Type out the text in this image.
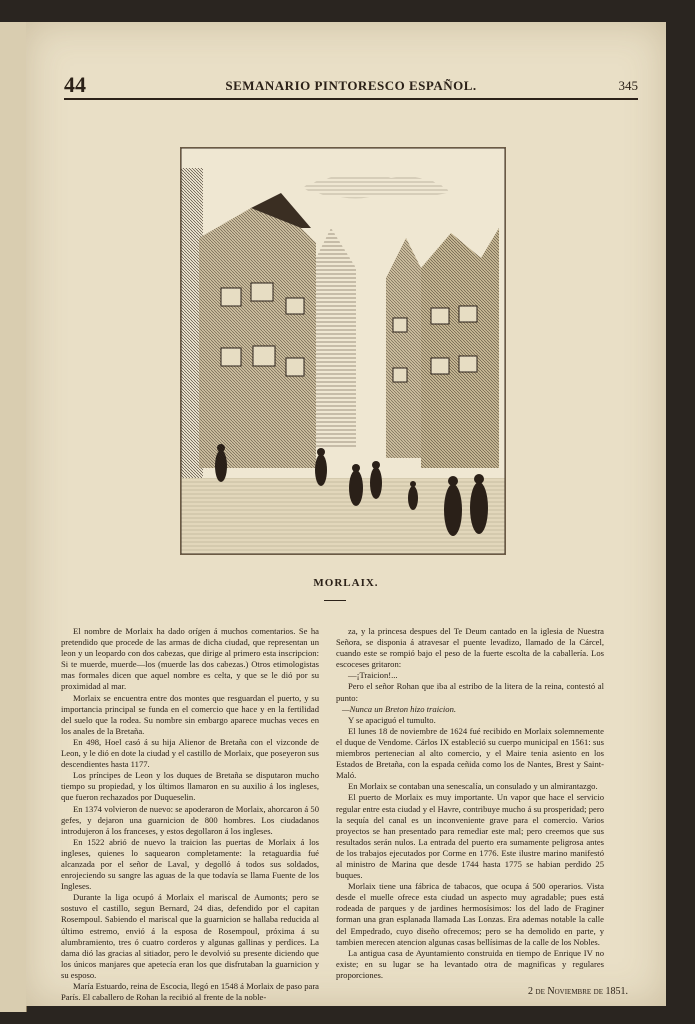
44	SEMANARIO PINTORESCO ESPAÑOL.	345
MORLAIX.

El nombre de Morlaix ha dado orígen á muchos comentarios. Se ha pretendido que procede de las armas de dicha ciudad, que representan un leon y un leopardo con dos cabezas, que dirige al primero esta inscripcion: Si te muerde, muerde—los (muerde las dos cabezas.) Otros etimologistas mas formales dicen que aquel nombre es celta, y que se le dió por su proximidad al mar.

Morlaix se encuentra entre dos montes que resguardan el puerto, y su importancia principal se funda en el comercio que hace y en la fertilidad del suelo que la rodea. Su nombre sin embargo aparece muchas veces en los anales de la Bretaña.

En 498, Hoel casó á su hija Alienor de Bretaña con el vizconde de Leon, y le dió en dote la ciudad y el castillo de Morlaix, que poseyeron sus descendientes hasta 1177.

Los príncipes de Leon y los duques de Bretaña se disputaron mucho tiempo su propiedad, y los últimos llamaron en su auxilio á los ingleses, que fueron rechazados por Duqueselin.

En 1374 volvieron de nuevo: se apoderaron de Morlaix, ahorcaron á 50 gefes, y dejaron una guarnicion de 800 hombres. Los ciudadanos introdujeron á los franceses, y estos degollaron á los ingleses.

En 1522 abrió de nuevo la traicion las puertas de Morlaix á los ingleses, quienes lo saquearon completamente: la retaguardia fué alcanzada por el señor de Laval, y degolló á todos sus soldados, enrojeciendo su sangre las aguas de la que todavía se llama Fuente de los Ingleses.

Durante la liga ocupó á Morlaix el mariscal de Aumonts; pero se sostuvo el castillo, segun Bernard, 24 dias, defendido por el capitan Rosempoul. Sabiendo el mariscal que la guarnicion se hallaba reducida al último estremo, envió á la esposa de Rosempoul, próxima á su alumbramiento, tres ó cuatro corderos y algunas gallinas y perdices. La dama dió las gracias al sitiador, pero le devolvió su presente diciendo que los únicos manjares que apetecía eran los que disfrutaban la guarnicion y su esposo.

María Estuardo, reina de Escocia, llegó en 1548 á Morlaix de paso para París. El caballero de Rohan la recibió al frente de la noble-

za, y la princesa despues del Te Deum cantado en la iglesia de Nuestra Señora, se disponia á atravesar el puente levadizo, llamado de la Cárcel, cuando este se rompió bajo el peso de la fuerte escolta de la caballería. Los escoceses gritaron:

—¡Traicion!...

Pero el señor Rohan que iba al estribo de la litera de la reina, contestó al punto:

—Nunca un Breton hizo traicion.

Y se apaciguó el tumulto.

El lunes 18 de noviembre de 1624 fué recibido en Morlaix solemnemente el duque de Vendome. Cárlos IX estableció su cuerpo municipal en 1561: sus miembros pertenecian al alto comercio, y el Maire tenia asiento en los Estados de Bretaña, con la espada ceñida como los de Nantes, Brest y Saint-Maló.

En Morlaix se contaban una senescalía, un consulado y un almirantazgo.

El puerto de Morlaix es muy importante. Un vapor que hace el servicio regular entre esta ciudad y el Havre, contribuye mucho á su prosperidad; pero la sequía del canal es un inconveniente grave para el comercio. Varios proyectos se han presentado para remediar este mal; pero creemos que sus resultados serán nulos. La entrada del puerto era sumamente peligrosa antes de los trabajos ejecutados por Corme en 1776. Este ilustre marino manifestó al ministro de Marina que desde 1744 hasta 1775 se habian perdido 25 buques.

Morlaix tiene una fábrica de tabacos, que ocupa á 500 operarios. Vista desde el muelle ofrece esta ciudad un aspecto muy agradable; pues está rodeada de parques y de jardines hermosísimos: los del lado de Fraginer forman una gran esplanada llamada Las Lonzas. Era ademas notable la calle del Empedrado, cuyo diseño ofrecemos; pero se ha demolido en parte, y tambien merecen atencion algunas casas bellísimas de la calle de los Nobles.

La antigua casa de Ayuntamiento construida en tiempo de Enrique IV no existe; en su lugar se ha levantado otra de magnificas y regulares proporciones.

2 de Noviembre de 1851.
